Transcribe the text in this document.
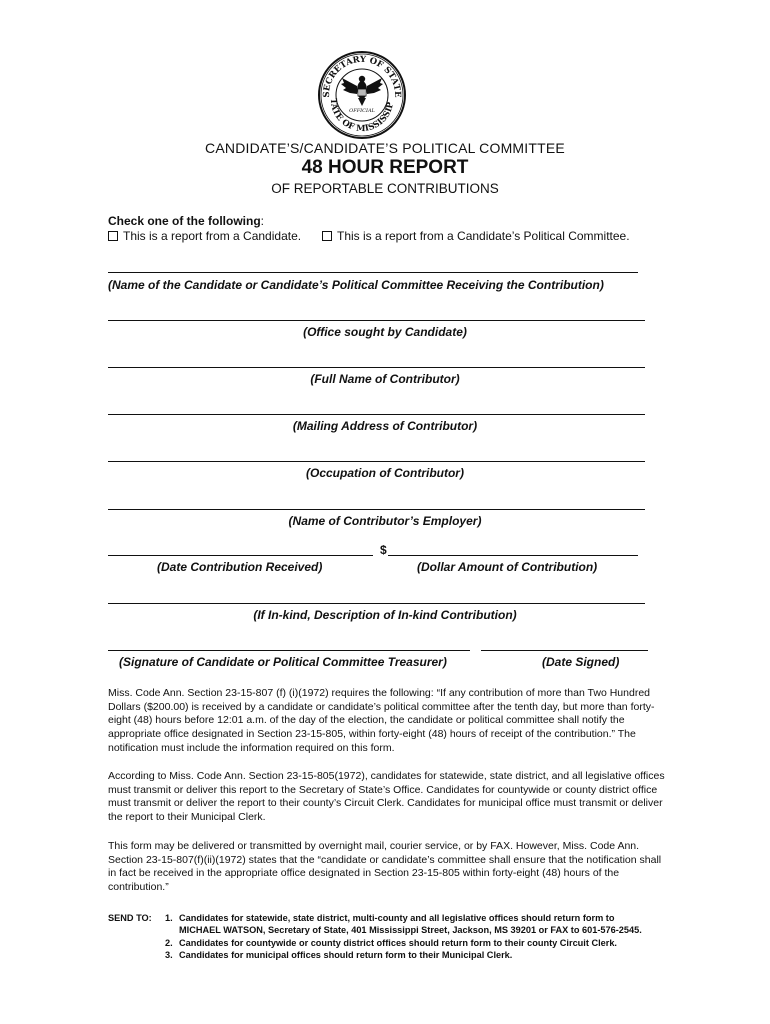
SECRETARY OF STATE
TATE OF MISSISSIP
OFFICIAL
CANDIDATE’S/CANDIDATE’S POLITICAL COMMITTEE
48 HOUR REPORT
OF REPORTABLE CONTRIBUTIONS
Check one of the following:
This is a report from a Candidate.	This is a report from a Candidate’s Political Committee.
(Name of the Candidate or Candidate’s Political Committee Receiving the Contribution)
(Office sought by Candidate)
(Full Name of Contributor)
(Mailing Address of Contributor)
(Occupation of Contributor)
(Name of Contributor’s Employer)
(Date Contribution Received)
$
(Dollar Amount of Contribution)
(If In-kind, Description of In-kind Contribution)
(Signature of Candidate or Political Committee Treasurer)	(Date Signed)

Miss. Code Ann. Section 23-15-807 (f) (i)(1972) requires the following: “If any contribution of more than Two Hundred Dollars ($200.00) is received by a candidate or candidate’s political committee after the tenth day, but more than forty-eight (48) hours before 12:01 a.m. of the day of the election, the candidate or political committee shall notify the appropriate office designated in Section 23-15-805, within forty-eight (48) hours of receipt of the contribution.” The notification must include the information required on this form.

According to Miss. Code Ann. Section 23-15-805(1972), candidates for statewide, state district, and all legislative offices must transmit or deliver this report to the Secretary of State’s Office. Candidates for countywide or county district office must transmit or deliver the report to their county’s Circuit Clerk. Candidates for municipal office must transmit or deliver the report to their Municipal Clerk.

This form may be delivered or transmitted by overnight mail, courier service, or by FAX. However, Miss. Code Ann. Section 23-15-807(f)(ii)(1972) states that the “candidate or candidate’s committee shall ensure that the notification shall in fact be received in the appropriate office designated in Section 23-15-805 within forty-eight (48) hours of the contribution.”

SEND TO: 1. Candidates for statewide, state district, multi-county and all legislative offices should return form to
MICHAEL WATSON, Secretary of State, 401 Mississippi Street, Jackson, MS 39201 or FAX to 601-576-2545.
2. Candidates for countywide or county district offices should return form to their county Circuit Clerk.
3. Candidates for municipal offices should return form to their Municipal Clerk.
